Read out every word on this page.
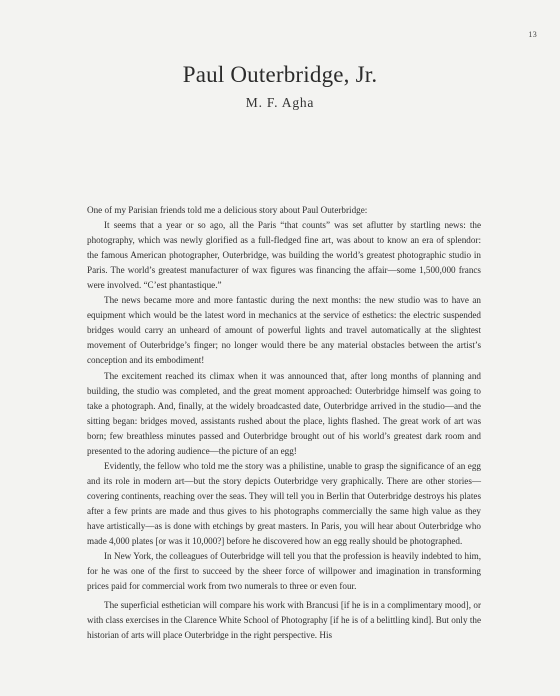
13
Paul Outerbridge, Jr.
M. F. Agha

One of my Parisian friends told me a delicious story about Paul Outerbridge:

It seems that a year or so ago, all the Paris “that counts” was set aflutter by startling news: the photography, which was newly glorified as a full-fledged fine art, was about to know an era of splendor: the famous American photographer, Outerbridge, was building the world’s greatest photographic studio in Paris. The world’s greatest manufacturer of wax figures was financing the affair—some 1,500,000 francs were involved. “C’est phantastique.”

The news became more and more fantastic during the next months: the new studio was to have an equipment which would be the latest word in mechanics at the service of esthetics: the electric suspended bridges would carry an unheard of amount of powerful lights and travel automatically at the slightest movement of Outerbridge’s finger; no longer would there be any material obstacles between the artist’s conception and its embodiment!

The excitement reached its climax when it was announced that, after long months of planning and building, the studio was completed, and the great moment approached: Outerbridge himself was going to take a photograph. And, finally, at the widely broadcasted date, Outerbridge arrived in the studio—and the sitting began: bridges moved, assistants rushed about the place, lights flashed. The great work of art was born; few breathless minutes passed and Outerbridge brought out of his world’s greatest dark room and presented to the adoring audience—the picture of an egg!

Evidently, the fellow who told me the story was a philistine, unable to grasp the significance of an egg and its role in modern art—but the story depicts Outerbridge very graphically. There are other stories—covering continents, reaching over the seas. They will tell you in Berlin that Outerbridge destroys his plates after a few prints are made and thus gives to his photographs commercially the same high value as they have artistically—as is done with etchings by great masters. In Paris, you will hear about Outerbridge who made 4,000 plates [or was it 10,000?] before he discovered how an egg really should be photographed.

In New York, the colleagues of Outerbridge will tell you that the profession is heavily indebted to him, for he was one of the first to succeed by the sheer force of willpower and imagination in transforming prices paid for commercial work from two numerals to three or even four.

The superficial esthetician will compare his work with Brancusi [if he is in a complimentary mood], or with class exercises in the Clarence White School of Photography [if he is of a belittling kind]. But only the historian of arts will place Outerbridge in the right perspective. His
